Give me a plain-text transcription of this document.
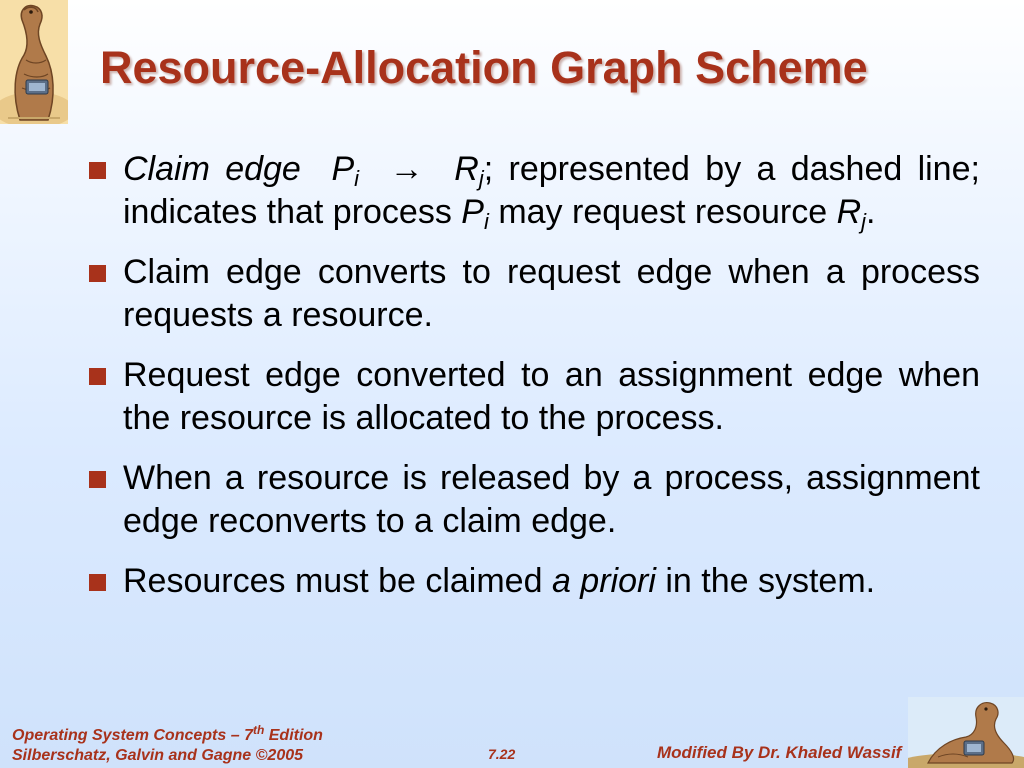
Resource-Allocation Graph Scheme
Claim edge $P_i \to R_j$; represented by a dashed line; indicates that process $P_i$ may request resource $R_j$.
Claim edge converts to request edge when a process requests a resource.
Request edge converted to an assignment edge when the resource is allocated to the process.
When a resource is released by a process, assignment edge reconverts to a claim edge.
Resources must be claimed a priori in the system.
Operating System Concepts – 7th Edition
Silberschatz, Galvin and Gagne ©2005	7.22	Modified By Dr. Khaled Wassif
